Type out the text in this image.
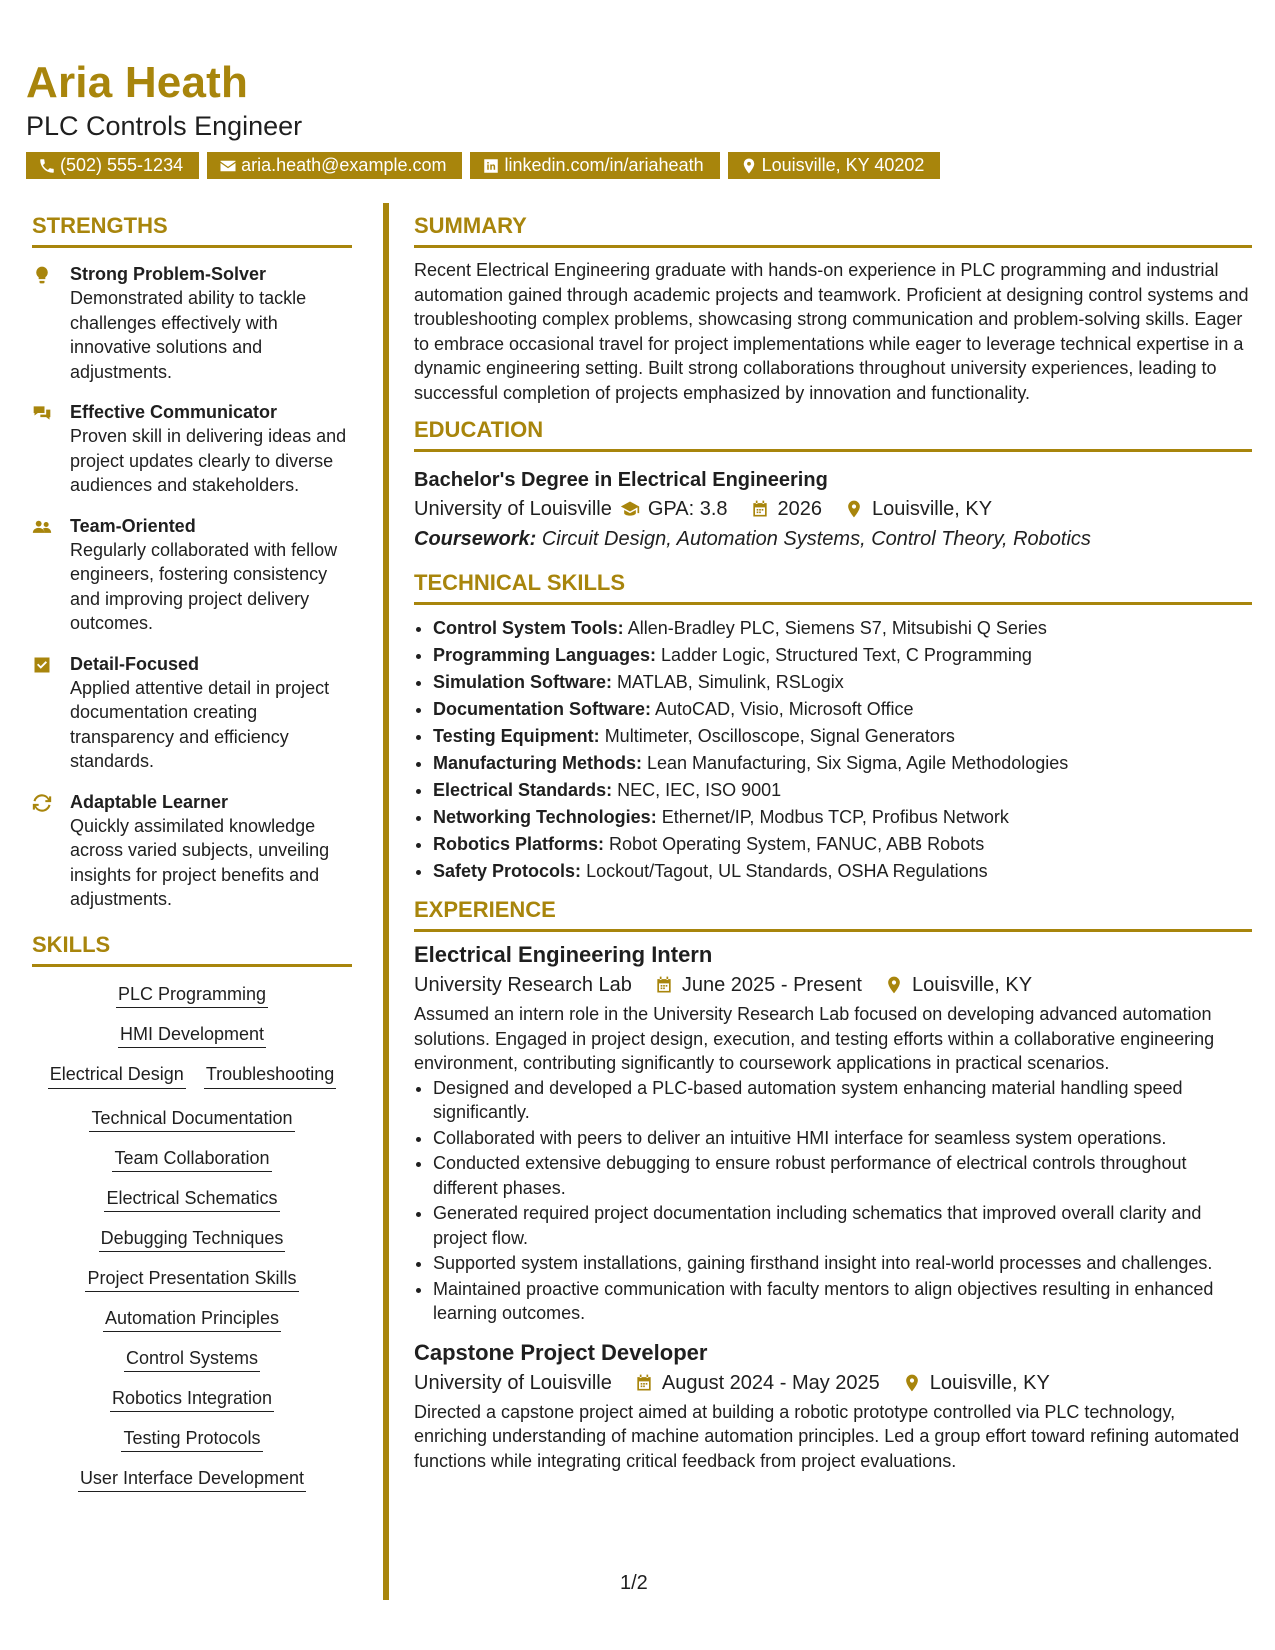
Aria Heath
PLC Controls Engineer
(502) 555-1234	aria.heath@example.com	linkedin.com/in/ariaheath	Louisville, KY 40202
STRENGTHS
Strong Problem-Solver
Demonstrated ability to tackle challenges effectively with innovative solutions and adjustments.
Effective Communicator
Proven skill in delivering ideas and project updates clearly to diverse audiences and stakeholders.
Team-Oriented
Regularly collaborated with fellow engineers, fostering consistency and improving project delivery outcomes.
Detail-Focused
Applied attentive detail in project documentation creating transparency and efficiency standards.
Adaptable Learner
Quickly assimilated knowledge across varied subjects, unveiling insights for project benefits and adjustments.
SKILLS
PLC Programming
HMI Development
Electrical Design Troubleshooting
Technical Documentation
Team Collaboration
Electrical Schematics
Debugging Techniques
Project Presentation Skills
Automation Principles
Control Systems
Robotics Integration
Testing Protocols
User Interface Development
SUMMARY
Recent Electrical Engineering graduate with hands-on experience in PLC programming and industrial automation gained through academic projects and teamwork. Proficient at designing control systems and troubleshooting complex problems, showcasing strong communication and problem-solving skills. Eager to embrace occasional travel for project implementations while eager to leverage technical expertise in a dynamic engineering setting. Built strong collaborations throughout university experiences, leading to successful completion of projects emphasized by innovation and functionality.
EDUCATION
Bachelor's Degree in Electrical Engineering
University of Louisville GPA: 3.8	2026	Louisville, KY
Coursework: Circuit Design, Automation Systems, Control Theory, Robotics
TECHNICAL SKILLS
• Control System Tools: Allen-Bradley PLC, Siemens S7, Mitsubishi Q Series
• Programming Languages: Ladder Logic, Structured Text, C Programming
• Simulation Software: MATLAB, Simulink, RSLogix
• Documentation Software: AutoCAD, Visio, Microsoft Office
• Testing Equipment: Multimeter, Oscilloscope, Signal Generators
• Manufacturing Methods: Lean Manufacturing, Six Sigma, Agile Methodologies
• Electrical Standards: NEC, IEC, ISO 9001
• Networking Technologies: Ethernet/IP, Modbus TCP, Profibus Network
• Robotics Platforms: Robot Operating System, FANUC, ABB Robots
• Safety Protocols: Lockout/Tagout, UL Standards, OSHA Regulations
EXPERIENCE
Electrical Engineering Intern
University Research Lab	June 2025 - Present	Louisville, KY
Assumed an intern role in the University Research Lab focused on developing advanced automation solutions. Engaged in project design, execution, and testing efforts within a collaborative engineering environment, contributing significantly to coursework applications in practical scenarios.
• Designed and developed a PLC-based automation system enhancing material handling speed significantly.
• Collaborated with peers to deliver an intuitive HMI interface for seamless system operations.
• Conducted extensive debugging to ensure robust performance of electrical controls throughout different phases.
• Generated required project documentation including schematics that improved overall clarity and project flow.
• Supported system installations, gaining firsthand insight into real-world processes and challenges.
• Maintained proactive communication with faculty mentors to align objectives resulting in enhanced learning outcomes.
Capstone Project Developer
University of Louisville	August 2024 - May 2025	Louisville, KY
Directed a capstone project aimed at building a robotic prototype controlled via PLC technology, enriching understanding of machine automation principles. Led a group effort toward refining automated functions while integrating critical feedback from project evaluations.
1/2
